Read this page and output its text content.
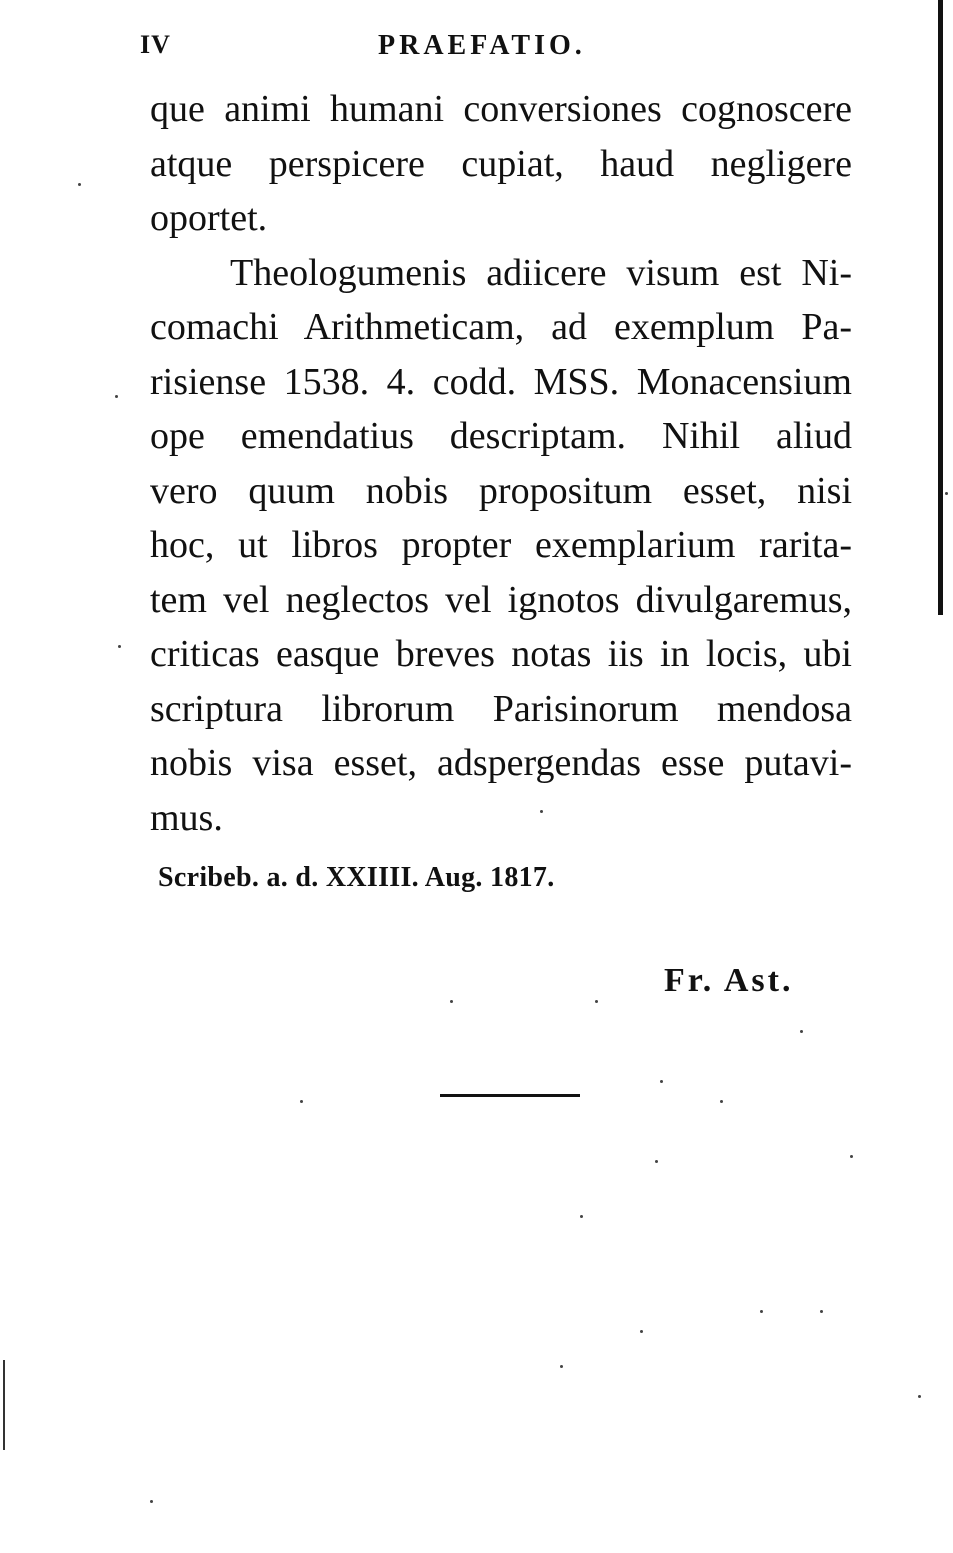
IV	PRAEFATIO.
que animi humani conversiones cognoscere
atque perspicere cupiat, haud negligere
oportet.
Theologumenis adiicere visum est Ni-
comachi Arithmeticam, ad exemplum Pa-
risiense 1538. 4. codd. MSS. Monacensium
ope emendatius descriptam. Nihil aliud
vero quum nobis propositum esset, nisi
hoc, ut libros propter exemplarium rarita-
tem vel neglectos vel ignotos divulgaremus,
criticas easque breves notas iis in locis, ubi
scriptura librorum Parisinorum mendosa
nobis visa esset, adspergendas esse putavi-
mus.
Scribeb. a. d. XXIIII. Aug. 1817.
Fr. Ast.
